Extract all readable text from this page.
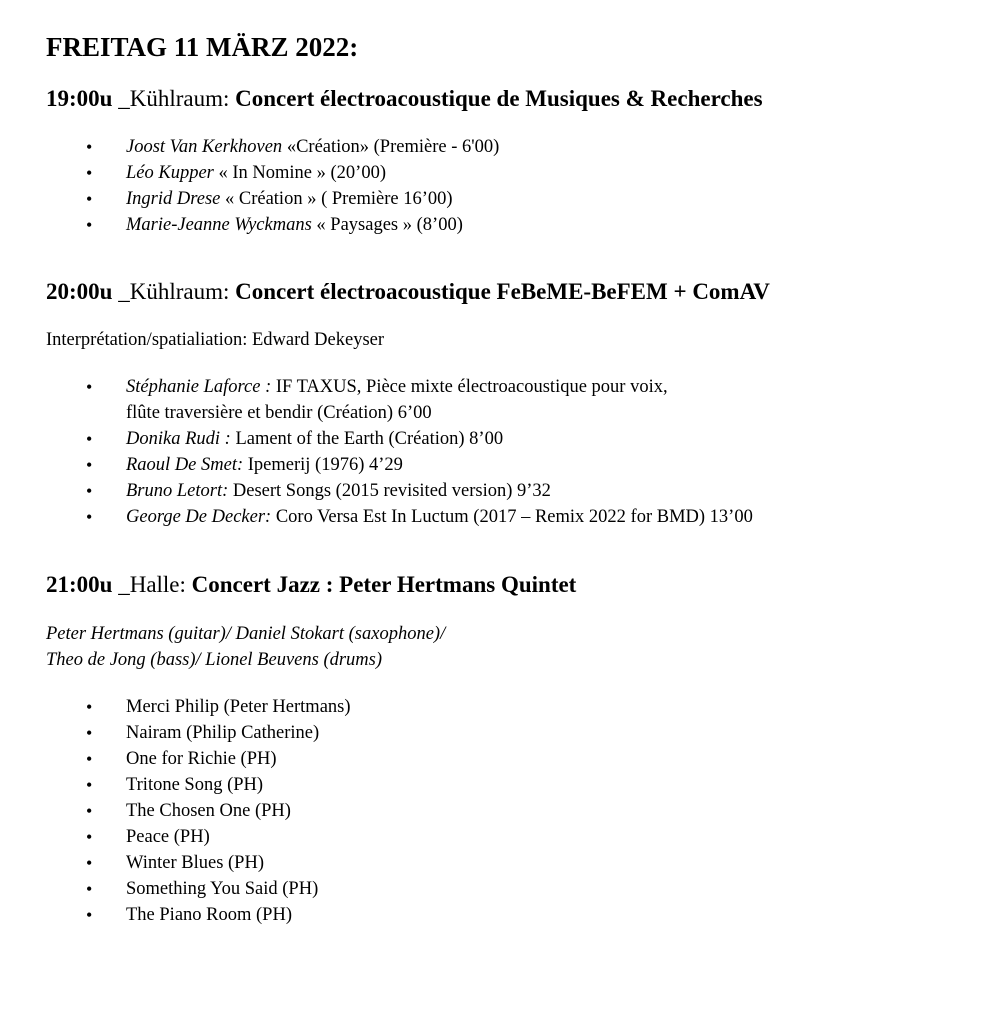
FREITAG 11 MÄRZ 2022:
19:00u _Kühlraum: Concert électroacoustique de Musiques & Recherches
•	Joost Van Kerkhoven «Création» (Première - 6'00)
•	Léo Kupper « In Nomine » (20’00)
•	Ingrid Drese « Création » ( Première 16’00)
•	Marie-Jeanne Wyckmans « Paysages » (8’00)
20:00u _Kühlraum: Concert électroacoustique FeBeME-BeFEM + ComAV

Interprétation/spatialiation: Edward Dekeyser

•	Stéphanie Laforce : IF TAXUS, Pièce mixte électroacoustique pour voix,
flûte traversière et bendir (Création) 6’00
•	Donika Rudi : Lament of the Earth (Création) 8’00
•	Raoul De Smet: Ipemerij (1976) 4’29
•	Bruno Letort: Desert Songs (2015 revisited version) 9’32
•	George De Decker: Coro Versa Est In Luctum (2017 – Remix 2022 for BMD) 13’00
21:00u _Halle: Concert Jazz : Peter Hertmans Quintet

Peter Hertmans (guitar)/ Daniel Stokart (saxophone)/
Theo de Jong (bass)/ Lionel Beuvens (drums)

•	Merci Philip (Peter Hertmans)
•	Nairam (Philip Catherine)
•	One for Richie (PH)
•	Tritone Song (PH)
•	The Chosen One (PH)
•	Peace (PH)
•	Winter Blues (PH)
•	Something You Said (PH)
•	The Piano Room (PH)
